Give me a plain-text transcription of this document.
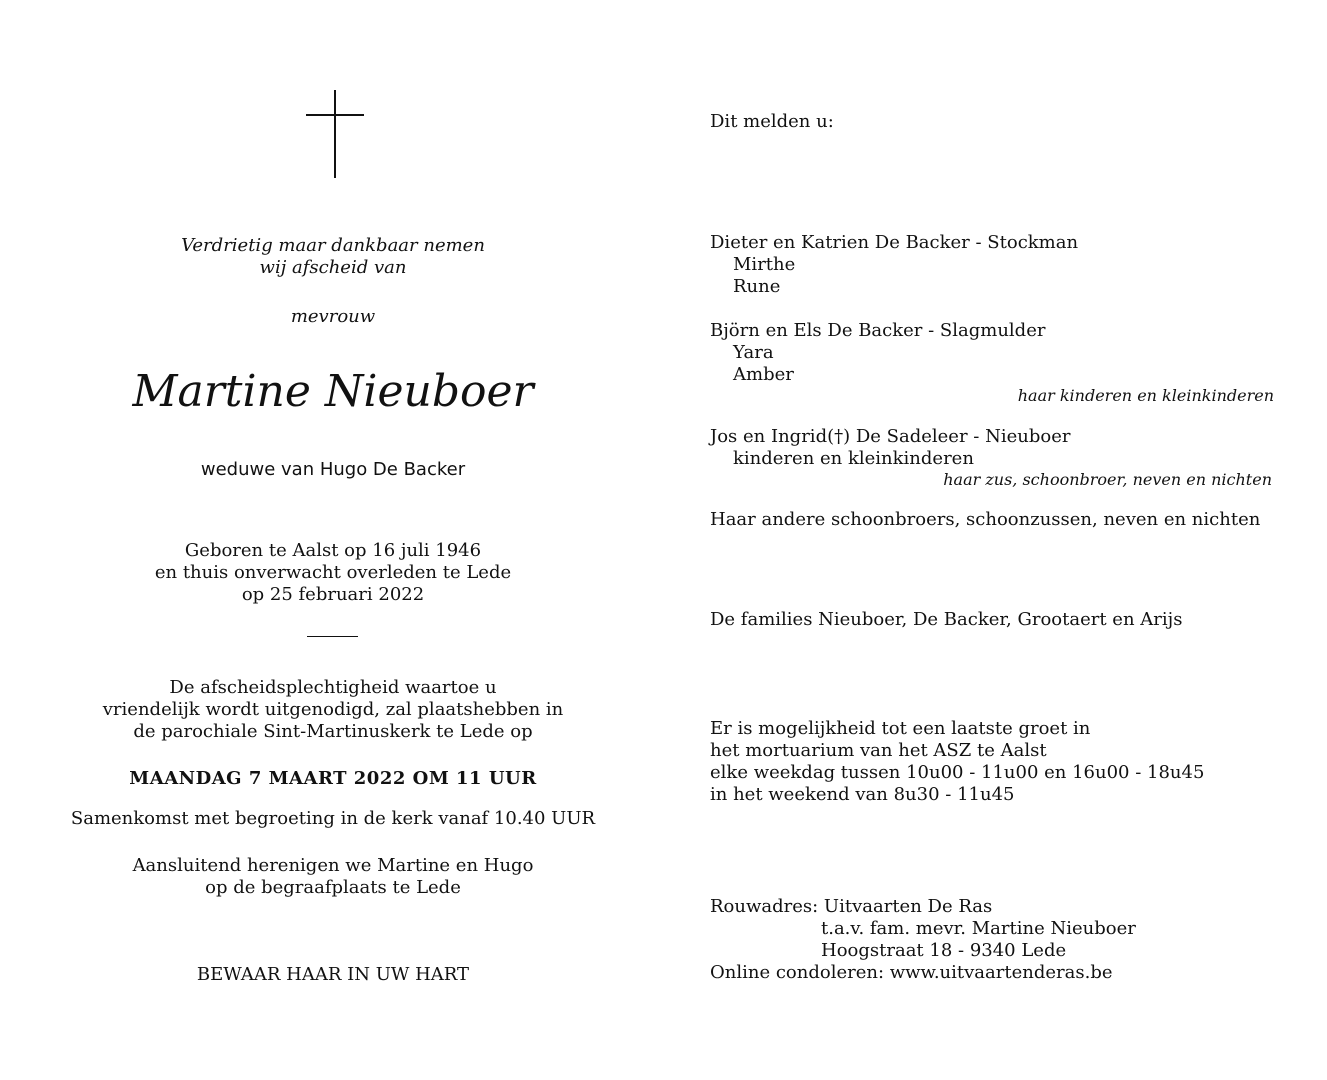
Verdrietig maar dankbaar nemen
wij afscheid van
mevrouw
Martine Nieuboer
weduwe van Hugo De Backer
Geboren te Aalst op 16 juli 1946
en thuis onverwacht overleden te Lede
op 25 februari 2022
De afscheidsplechtigheid waartoe u
vriendelijk wordt uitgenodigd, zal plaatshebben in
de parochiale Sint-Martinuskerk te Lede op
MAANDAG 7 MAART 2022 OM 11 UUR
Samenkomst met begroeting in de kerk vanaf 10.40 UUR
Aansluitend herenigen we Martine en Hugo
op de begraafplaats te Lede
BEWAAR HAAR IN UW HART
Dit melden u:
Dieter en Katrien De Backer - Stockman
Mirthe
Rune
Björn en Els De Backer - Slagmulder
Yara
Amber
haar kinderen en kleinkinderen
Jos en Ingrid(†) De Sadeleer - Nieuboer
kinderen en kleinkinderen
haar zus, schoonbroer, neven en nichten
Haar andere schoonbroers, schoonzussen, neven en nichten
De families Nieuboer, De Backer, Grootaert en Arijs
Er is mogelijkheid tot een laatste groet in
het mortuarium van het ASZ te Aalst
elke weekdag tussen 10u00 - 11u00 en 16u00 - 18u45
in het weekend van 8u30 - 11u45
Rouwadres: Uitvaarten De Ras
t.a.v. fam. mevr. Martine Nieuboer
Hoogstraat 18 - 9340 Lede
Online condoleren: www.uitvaartenderas.be
